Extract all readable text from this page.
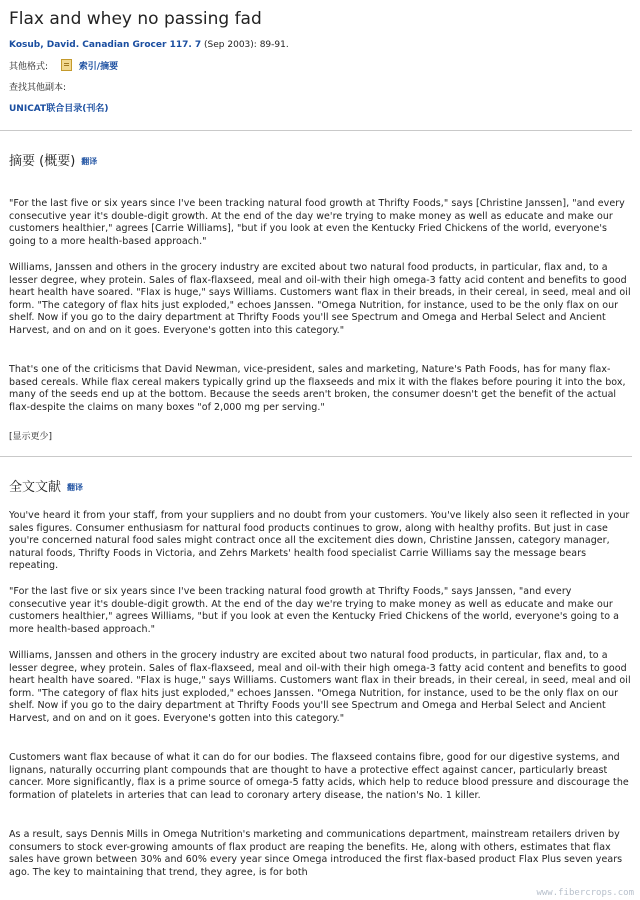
Flax and whey no passing fad
Kosub, David. Canadian Grocer 117. 7 (Sep 2003): 89-91.
其他格式:	索引/摘要
查找其他副本:
UNICAT联合目录(刊名)
摘要 (概要) 翻译

"For the last five or six years since I've been tracking natural food growth at Thrifty Foods," says [Christine Janssen], "and every consecutive year it's double-digit growth. At the end of the day we're trying to make money as well as educate and make our customers healthier," agrees [Carrie Williams], "but if you look at even the Kentucky Fried Chickens of the world, everyone's going to a more health-based approach."

Williams, Janssen and others in the grocery industry are excited about two natural food products, in particular, flax and, to a lesser degree, whey protein. Sales of flax-flaxseed, meal and oil-with their high omega-3 fatty acid content and benefits to good heart health have soared. "Flax is huge," says Williams. Customers want flax in their breads, in their cereal, in seed, meal and oil form. "The category of flax hits just exploded," echoes Janssen. "Omega Nutrition, for instance, used to be the only flax on our shelf. Now if you go to the dairy department at Thrifty Foods you'll see Spectrum and Omega and Herbal Select and Ancient Harvest, and on and on it goes. Everyone's gotten into this category."

That's one of the criticisms that David Newman, vice-president, sales and marketing, Nature's Path Foods, has for many flax-based cereals. While flax cereal makers typically grind up the flaxseeds and mix it with the flakes before pouring it into the box, many of the seeds end up at the bottom. Because the seeds aren't broken, the consumer doesn't get the benefit of the actual flax-despite the claims on many boxes "of 2,000 mg per serving."

[显示更少]
全文文献 翻译

You've heard it from your staff, from your suppliers and no doubt from your customers. You've likely also seen it reflected in your sales figures. Consumer enthusiasm for nattural food products continues to grow, along with healthy profits. But just in case you're concerned natural food sales might contract once all the excitement dies down, Christine Janssen, category manager, natural foods, Thrifty Foods in Victoria, and Zehrs Markets' health food specialist Carrie Williams say the message bears repeating.

"For the last five or six years since I've been tracking natural food growth at Thrifty Foods," says Janssen, "and every consecutive year it's double-digit growth. At the end of the day we're trying to make money as well as educate and make our customers healthier," agrees Williams, "but if you look at even the Kentucky Fried Chickens of the world, everyone's going to a more health-based approach."

Williams, Janssen and others in the grocery industry are excited about two natural food products, in particular, flax and, to a lesser degree, whey protein. Sales of flax-flaxseed, meal and oil-with their high omega-3 fatty acid content and benefits to good heart health have soared. "Flax is huge," says Williams. Customers want flax in their breads, in their cereal, in seed, meal and oil form. "The category of flax hits just exploded," echoes Janssen. "Omega Nutrition, for instance, used to be the only flax on our shelf. Now if you go to the dairy department at Thrifty Foods you'll see Spectrum and Omega and Herbal Select and Ancient Harvest, and on and on it goes. Everyone's gotten into this category."

Customers want flax because of what it can do for our bodies. The flaxseed contains fibre, good for our digestive systems, and lignans, naturally occurring plant compounds that are thought to have a protective effect against cancer, particularly breast cancer. More significantly, flax is a prime source of omega-5 fatty acids, which help to reduce blood pressure and discourage the formation of platelets in arteries that can lead to coronary artery disease, the nation's No. 1 killer.

As a result, says Dennis Mills in Omega Nutrition's marketing and communications department, mainstream retailers driven by consumers to stock ever-growing amounts of flax product are reaping the benefits. He, along with others, estimates that flax sales have grown between 30% and 60% every year since Omega introduced the first flax-based product Flax Plus seven years ago. The key to maintaining that trend, they agree, is for both

www.fibercrops.com
